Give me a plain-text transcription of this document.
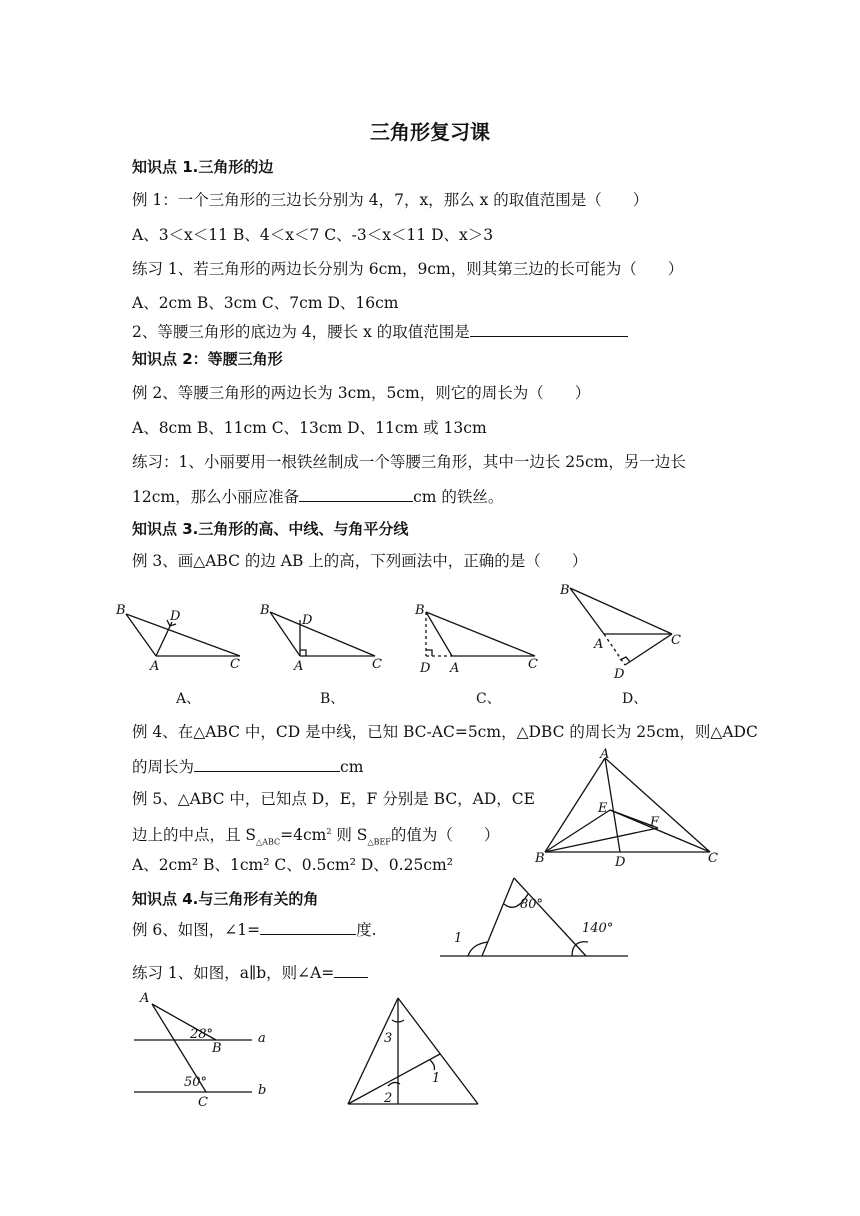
三角形复习课
知识点 1.三角形的边
例 1：一个三角形的三边长分别为 4，7，x，那么 x 的取值范围是（　　）
A、3＜x＜11 B、4＜x＜7 C、-3＜x＜11 D、x＞3
练习 1、若三角形的两边长分别为 6cm，9cm，则其第三边的长可能为（　　）
A、2cm B、3cm C、7cm D、16cm
2、等腰三角形的底边为 4，腰长 x 的取值范围是
知识点 2：等腰三角形
例 2、等腰三角形的两边长为 3cm，5cm，则它的周长为（　　）
A、8cm B、11cm C、13cm D、11cm 或 13cm
练习：1、小丽要用一根铁丝制成一个等腰三角形，其中一边长 25cm，另一边长
12cm，那么小丽应准备	cm 的铁丝。
知识点 3.三角形的高、中线、与角平分线
例 3、画△ABC 的边 AB 上的高，下列画法中，正确的是（　　）
B	D
A	C
B
D
A	C
B
D A	C
B
A	C
D
A、	B、	C、	D、
例 4、在△ABC 中，CD 是中线，已知 BC-AC=5cm，△DBC 的周长为 25cm，则△ADC
的周长为	cm
A
E
F
B	D	C
例 5、△ABC 中，已知点 D，E，F 分别是 BC，AD，CE
边上的中点，且 $S_{\triangle ABC}=4cm^2$ 则 $S_{\triangle BEF}$的值为（　　）
A、2cm² B、1cm² C、0.5cm² D、0.25cm²
知识点 4.与三角形有关的角
例 6、如图，∠1=	度.
80°
140°
1
练习 1、如图，a∥b，则∠A=
A
B
C
a
b
28°
50°
3
2
1
